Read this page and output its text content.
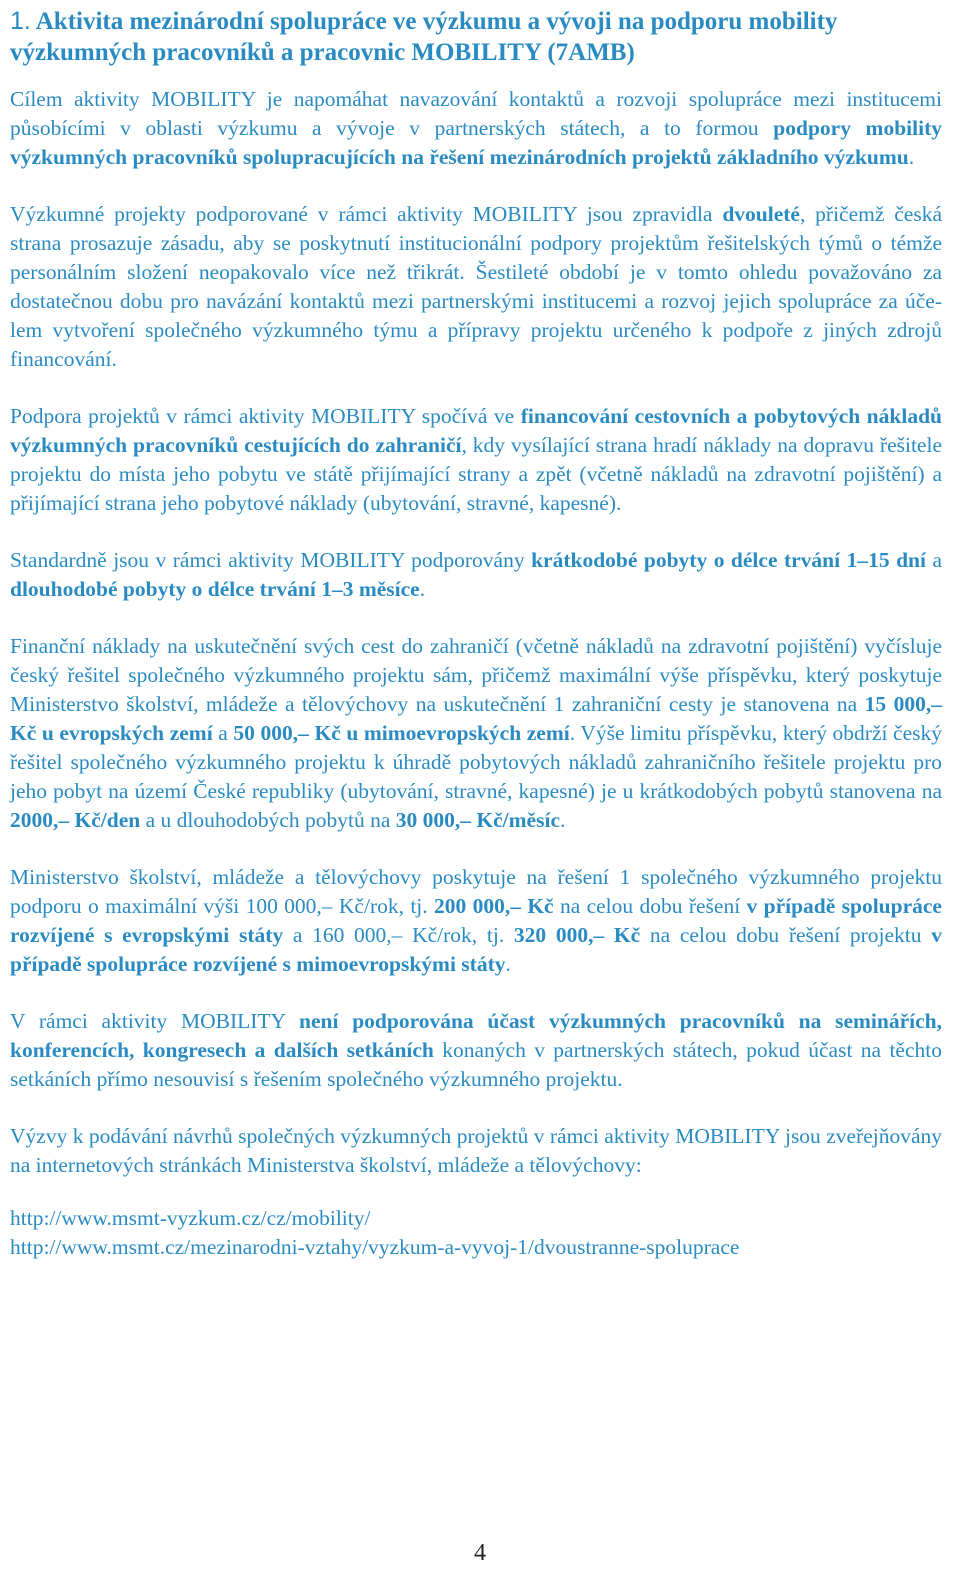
1. Aktivita mezinárodní spolupráce ve výzkumu a vývoji na podporu mobility výzkumných pracovníků a pracovnic MOBILITY (7AMB)

Cílem aktivity MOBILITY je napomáhat navazování kontaktů a rozvoji spolupráce mezi institucemi působícími v oblasti výzkumu a vývoje v partnerských státech, a to formou podpory mobility výzkumných pracovníků spolupracujících na řešení mezinárodních projektů základního výzkumu.

Výzkumné projekty podporované v rámci aktivity MOBILITY jsou zpravidla dvouleté, přičemž česká strana prosazuje zásadu, aby se poskytnutí institucionální podpory projektům řešitelských týmů o témže personálním složení neopakovalo více než třikrát. Šestileté období je v tomto ohledu považováno za dostatečnou dobu pro navázání kontaktů mezi partnerskými institucemi a rozvoj jejich spolupráce za účelem vytvoření společného výzkumného týmu a přípravy projektu určeného k podpoře z jiných zdrojů financování.

Podpora projektů v rámci aktivity MOBILITY spočívá ve financování cestovních a pobytových nákladů výzkumných pracovníků cestujících do zahraničí, kdy vysílající strana hradí náklady na dopravu řešitele projektu do místa jeho pobytu ve státě přijímající strany a zpět (včetně nákladů na zdravotní pojištění) a přijímající strana jeho pobytové náklady (ubytování, stravné, kapesné).

Standardně jsou v rámci aktivity MOBILITY podporovány krátkodobé pobyty o délce trvání 1–15 dní a dlouhodobé pobyty o délce trvání 1–3 měsíce.

Finanční náklady na uskutečnění svých cest do zahraničí (včetně nákladů na zdravotní pojištění) vyčísluje český řešitel společného výzkumného projektu sám, přičemž maximální výše příspěvku, který poskytuje Ministerstvo školství, mládeže a tělovýchovy na uskutečnění 1 zahraniční cesty je stanovena na 15 000,– Kč u evropských zemí a 50 000,– Kč u mimoevropských zemí. Výše limitu příspěvku, který obdrží český řešitel společného výzkumného projektu k úhradě pobytových nákladů zahraničního řešitele projektu pro jeho pobyt na území České republiky (ubytování, stravné, kapesné) je u krátkodobých pobytů stanovena na 2000,– Kč/den a u dlouhodobých pobytů na 30 000,– Kč/měsíc.

Ministerstvo školství, mládeže a tělovýchovy poskytuje na řešení 1 společného výzkumného projektu podporu o maximální výši 100 000,– Kč/rok, tj. 200 000,– Kč na celou dobu řešení v případě spolupráce rozvíjené s evropskými státy a 160 000,– Kč/rok, tj. 320 000,– Kč na celou dobu řešení projektu v případě spolupráce rozvíjené s mimoevropskými státy.

V rámci aktivity MOBILITY není podporována účast výzkumných pracovníků na seminářích, konferencích, kongresech a dalších setkáních konaných v partnerských státech, pokud účast na těchto setkáních přímo nesouvisí s řešením společného výzkumného projektu.

Výzvy k podávání návrhů společných výzkumných projektů v rámci aktivity MOBILITY jsou zveřejňovány na internetových stránkách Ministerstva školství, mládeže a tělovýchovy:

http://www.msmt-vyzkum.cz/cz/mobility/
http://www.msmt.cz/mezinarodni-vztahy/vyzkum-a-vyvoj-1/dvoustranne-spoluprace
4
